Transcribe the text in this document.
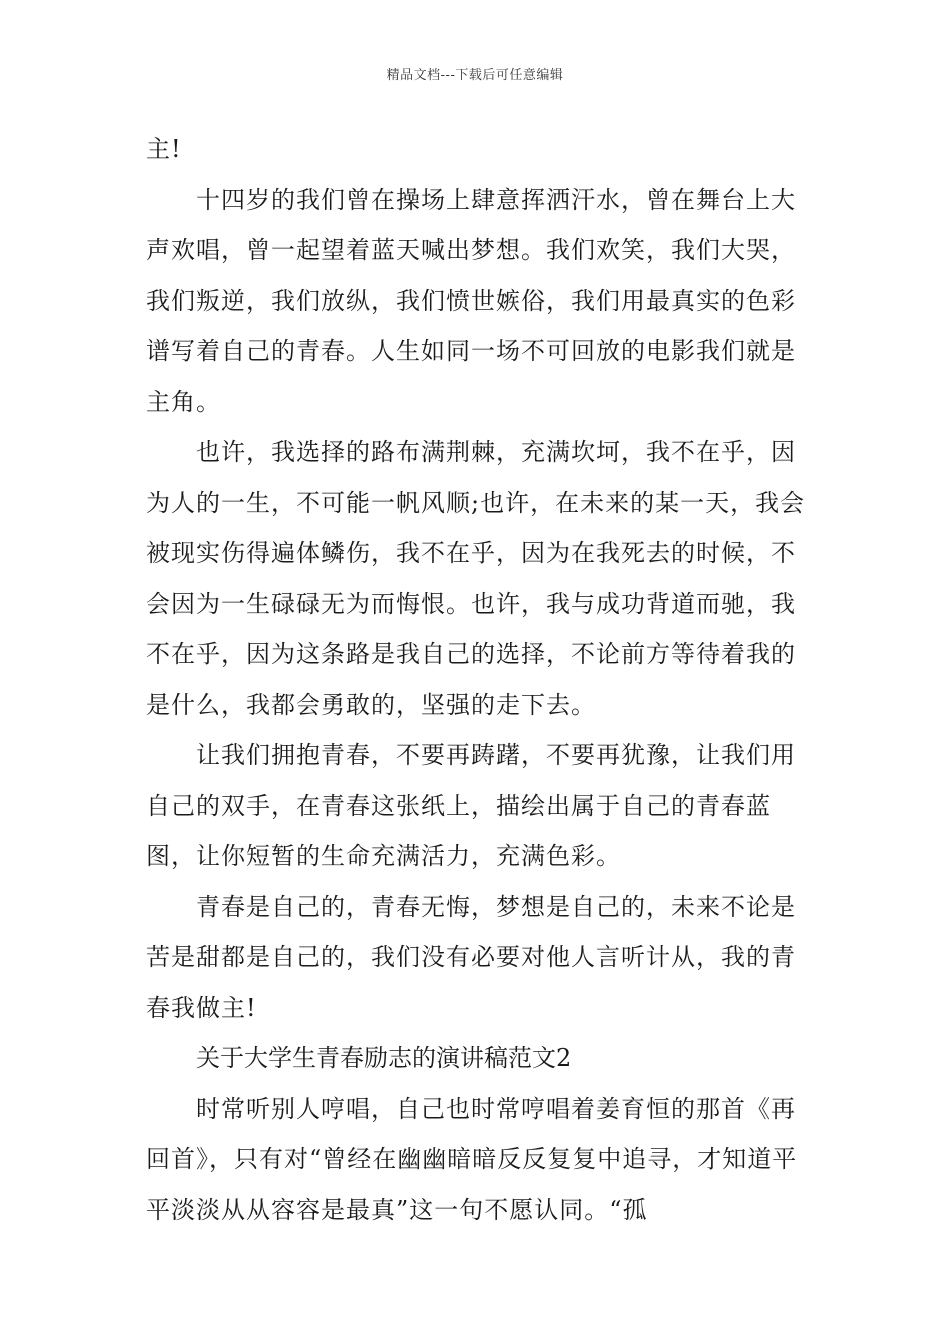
精品文档---下载后可任意编辑

主!

十四岁的我们曾在操场上肆意挥洒汗水，曾在舞台上大声欢唱，曾一起望着蓝天喊出梦想。我们欢笑，我们大哭，我们叛逆，我们放纵，我们愤世嫉俗，我们用最真实的色彩谱写着自己的青春。人生如同一场不可回放的电影我们就是主角。

也许，我选择的路布满荆棘，充满坎坷，我不在乎，因为人的一生，不可能一帆风顺;也许，在未来的某一天，我会被现实伤得遍体鳞伤，我不在乎，因为在我死去的时候，不会因为一生碌碌无为而悔恨。也许，我与成功背道而驰，我不在乎，因为这条路是我自己的选择，不论前方等待着我的是什么，我都会勇敢的，坚强的走下去。

让我们拥抱青春，不要再踌躇，不要再犹豫，让我们用自己的双手，在青春这张纸上，描绘出属于自己的青春蓝图，让你短暂的生命充满活力，充满色彩。

青春是自己的，青春无悔，梦想是自己的，未来不论是苦是甜都是自己的，我们没有必要对他人言听计从，我的青春我做主!

关于大学生青春励志的演讲稿范文2

时常听别人哼唱，自己也时常哼唱着姜育恒的那首《再回首》，只有对“曾经在幽幽暗暗反反复复中追寻，才知道平平淡淡从从容容是最真”这一句不愿认同。“孤
